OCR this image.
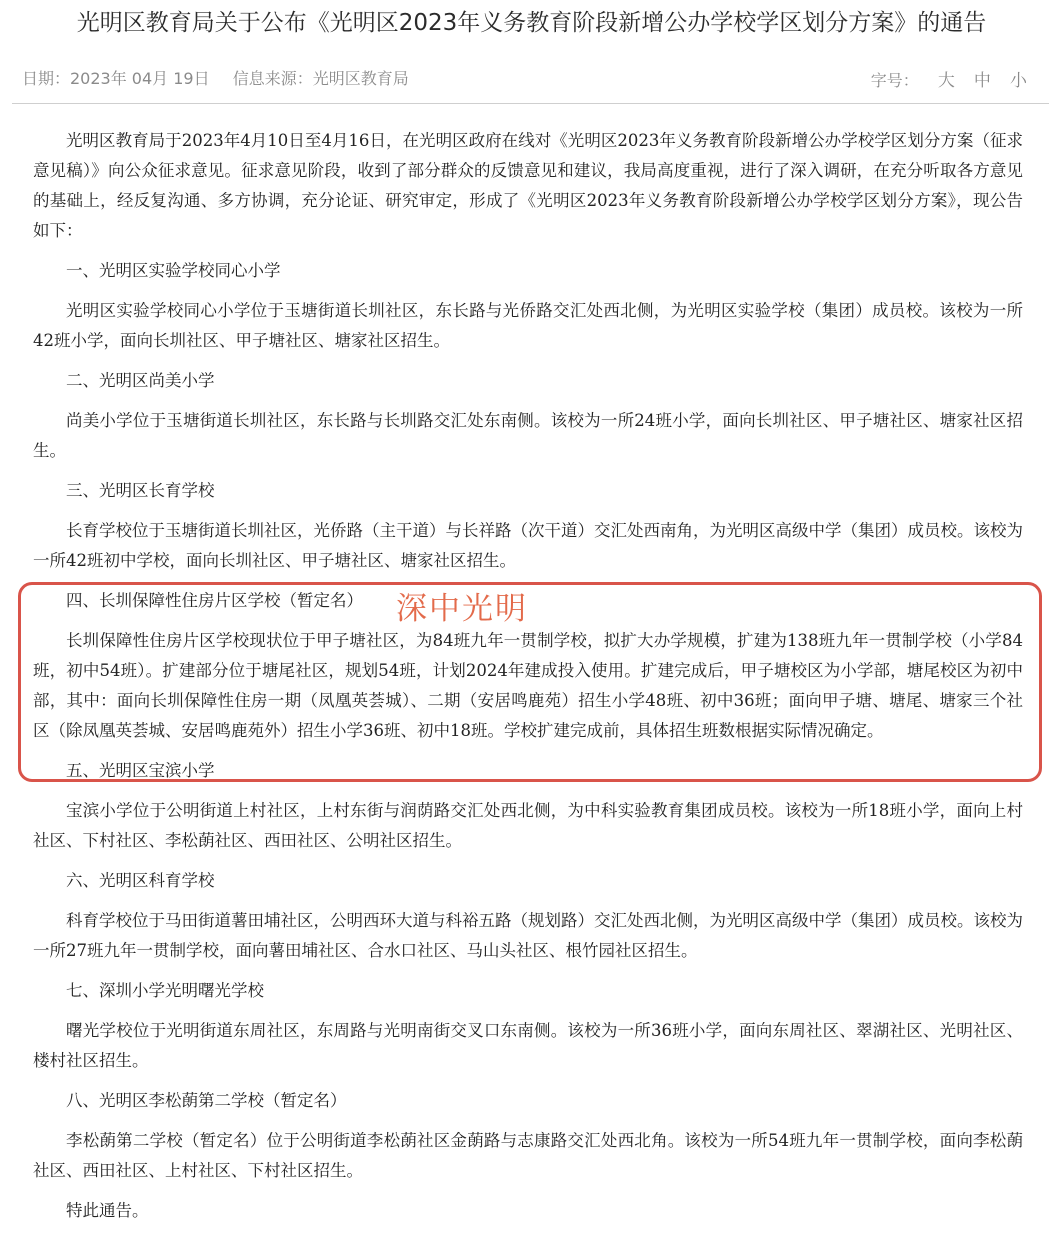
光明区教育局关于公布《光明区2023年义务教育阶段新增公办学校学区划分方案》的通告
日期：2023年 04月 19日 信息来源：光明区教育局	字号： 大 中 小

光明区教育局于2023年4月10日至4月16日，在光明区政府在线对《光明区2023年义务教育阶段新增公办学校学区划分方案（征求意见稿）》向公众征求意见。征求意见阶段，收到了部分群众的反馈意见和建议，我局高度重视，进行了深入调研，在充分听取各方意见的基础上，经反复沟通、多方协调，充分论证、研究审定，形成了《光明区2023年义务教育阶段新增公办学校学区划分方案》，现公告如下：

一、光明区实验学校同心小学

光明区实验学校同心小学位于玉塘街道长圳社区，东长路与光侨路交汇处西北侧，为光明区实验学校（集团）成员校。该校为一所42班小学，面向长圳社区、甲子塘社区、塘家社区招生。

二、光明区尚美小学

尚美小学位于玉塘街道长圳社区，东长路与长圳路交汇处东南侧。该校为一所24班小学，面向长圳社区、甲子塘社区、塘家社区招生。

三、光明区长育学校

长育学校位于玉塘街道长圳社区，光侨路（主干道）与长祥路（次干道）交汇处西南角，为光明区高级中学（集团）成员校。该校为一所42班初中学校，面向长圳社区、甲子塘社区、塘家社区招生。

四、长圳保障性住房片区学校（暂定名）

长圳保障性住房片区学校现状位于甲子塘社区，为84班九年一贯制学校，拟扩大办学规模，扩建为138班九年一贯制学校（小学84班，初中54班）。扩建部分位于塘尾社区，规划54班，计划2024年建成投入使用。扩建完成后，甲子塘校区为小学部，塘尾校区为初中部，其中：面向长圳保障性住房一期（凤凰英荟城）、二期（安居鸣鹿苑）招生小学48班、初中36班；面向甲子塘、塘尾、塘家三个社区（除凤凰英荟城、安居鸣鹿苑外）招生小学36班、初中18班。学校扩建完成前，具体招生班数根据实际情况确定。

五、光明区宝滨小学

宝滨小学位于公明街道上村社区，上村东街与润荫路交汇处西北侧，为中科实验教育集团成员校。该校为一所18班小学，面向上村社区、下村社区、李松蓢社区、西田社区、公明社区招生。

六、光明区科育学校

科育学校位于马田街道薯田埔社区，公明西环大道与科裕五路（规划路）交汇处西北侧，为光明区高级中学（集团）成员校。该校为一所27班九年一贯制学校，面向薯田埔社区、合水口社区、马山头社区、根竹园社区招生。

七、深圳小学光明曙光学校

曙光学校位于光明街道东周社区，东周路与光明南街交叉口东南侧。该校为一所36班小学，面向东周社区、翠湖社区、光明社区、楼村社区招生。

八、光明区李松蓢第二学校（暂定名）

李松蓢第二学校（暂定名）位于公明街道李松蓢社区金蓢路与志康路交汇处西北角。该校为一所54班九年一贯制学校，面向李松蓢社区、西田社区、上村社区、下村社区招生。

特此通告。

深中光明
